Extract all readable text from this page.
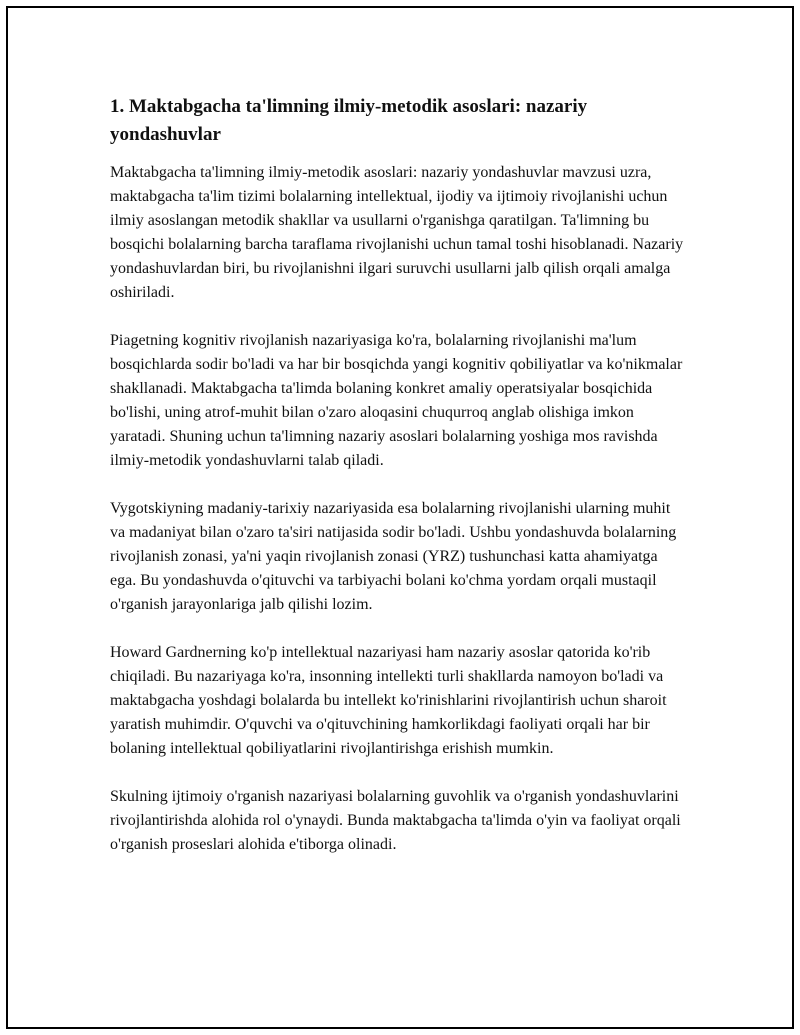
1. Maktabgacha ta'limning ilmiy-metodik asoslari: nazariy yondashuvlar

Maktabgacha ta'limning ilmiy-metodik asoslari: nazariy yondashuvlar mavzusi uzra, maktabgacha ta'lim tizimi bolalarning intellektual, ijodiy va ijtimoiy rivojlanishi uchun ilmiy asoslangan metodik shakllar va usullarni o'rganishga qaratilgan. Ta'limning bu bosqichi bolalarning barcha taraflama rivojlanishi uchun tamal toshi hisoblanadi. Nazariy yondashuvlardan biri, bu rivojlanishni ilgari suruvchi usullarni jalb qilish orqali amalga oshiriladi.

Piagetning kognitiv rivojlanish nazariyasiga ko'ra, bolalarning rivojlanishi ma'lum bosqichlarda sodir bo'ladi va har bir bosqichda yangi kognitiv qobiliyatlar va ko'nikmalar shakllanadi. Maktabgacha ta'limda bolaning konkret amaliy operatsiyalar bosqichida bo'lishi, uning atrof-muhit bilan o'zaro aloqasini chuqurroq anglab olishiga imkon yaratadi. Shuning uchun ta'limning nazariy asoslari bolalarning yoshiga mos ravishda ilmiy-metodik yondashuvlarni talab qiladi.

Vygotskiyning madaniy-tarixiy nazariyasida esa bolalarning rivojlanishi ularning muhit va madaniyat bilan o'zaro ta'siri natijasida sodir bo'ladi. Ushbu yondashuvda bolalarning rivojlanish zonasi, ya'ni yaqin rivojlanish zonasi (YRZ) tushunchasi katta ahamiyatga ega. Bu yondashuvda o'qituvchi va tarbiyachi bolani ko'chma yordam orqali mustaqil o'rganish jarayonlariga jalb qilishi lozim.

Howard Gardnerning ko'p intellektual nazariyasi ham nazariy asoslar qatorida ko'rib chiqiladi. Bu nazariyaga ko'ra, insonning intellekti turli shakllarda namoyon bo'ladi va maktabgacha yoshdagi bolalarda bu intellekt ko'rinishlarini rivojlantirish uchun sharoit yaratish muhimdir. O'quvchi va o'qituvchining hamkorlikdagi faoliyati orqali har bir bolaning intellektual qobiliyatlarini rivojlantirishga erishish mumkin.

Skulning ijtimoiy o'rganish nazariyasi bolalarning guvohlik va o'rganish yondashuvlarini rivojlantirishda alohida rol o'ynaydi. Bunda maktabgacha ta'limda o'yin va faoliyat orqali o'rganish proseslari alohida e'tiborga olinadi.
